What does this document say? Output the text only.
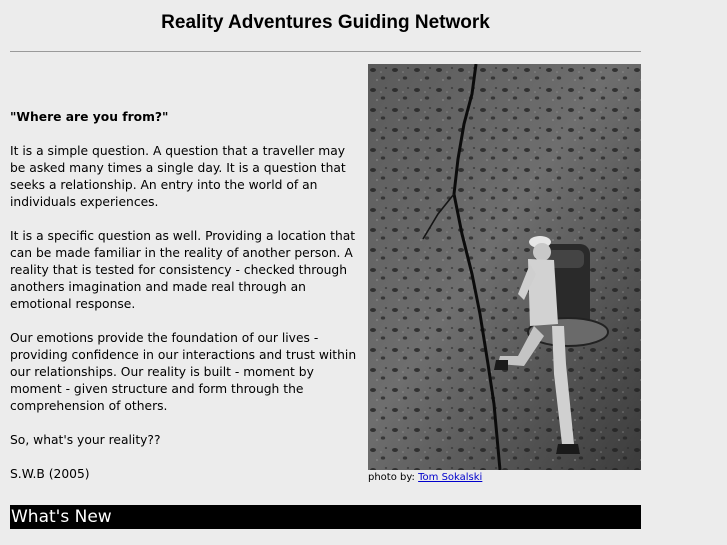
Reality Adventures Guiding Network

"Where are you from?"

It is a simple question. A question that a traveller may be asked many times a single day. It is a question that seeks a relationship. An entry into the world of an individuals experiences.

It is a specific question as well. Providing a location that can be made familiar in the reality of another person. A reality that is tested for consistency - checked through anothers imagination and made real through an emotional response.

Our emotions provide the foundation of our lives - providing confidence in our interactions and trust within our relationships. Our reality is built - moment by moment - given structure and form through the comprehension of others.

So, what's your reality??

S.W.B (2005)	photo by: Tom Sokalski
What's New
